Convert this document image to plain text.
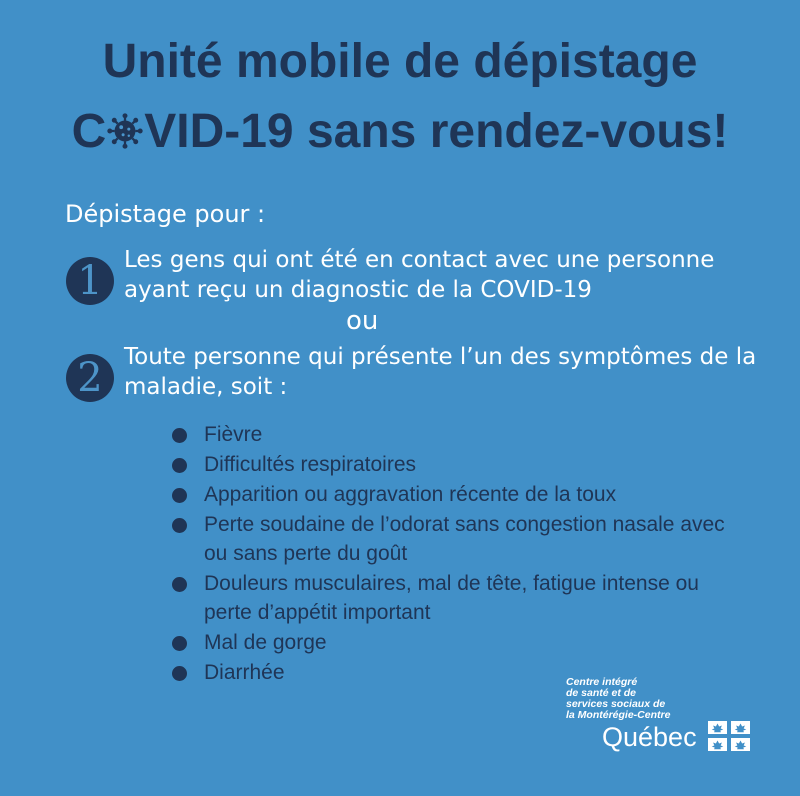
Unité mobile de dépistage
C VID-19 sans rendez-vous!

Dépistage pour :

1 Les gens qui ont été en contact avec une personne ayant reçu un diagnostic de la COVID-19

ou

2 Toute personne qui présente l’un des symptômes de la maladie, soit :
Fièvre
Difficultés respiratoires
Apparition ou aggravation récente de la toux
Perte soudaine de l’odorat sans congestion nasale avec ou sans perte du goût
Douleurs musculaires, mal de tête, fatigue intense ou perte d’appétit important
Mal de gorge
Diarrhée	Centre intégré
de santé et de
services sociaux de
la Montérégie-Centre

Québec
